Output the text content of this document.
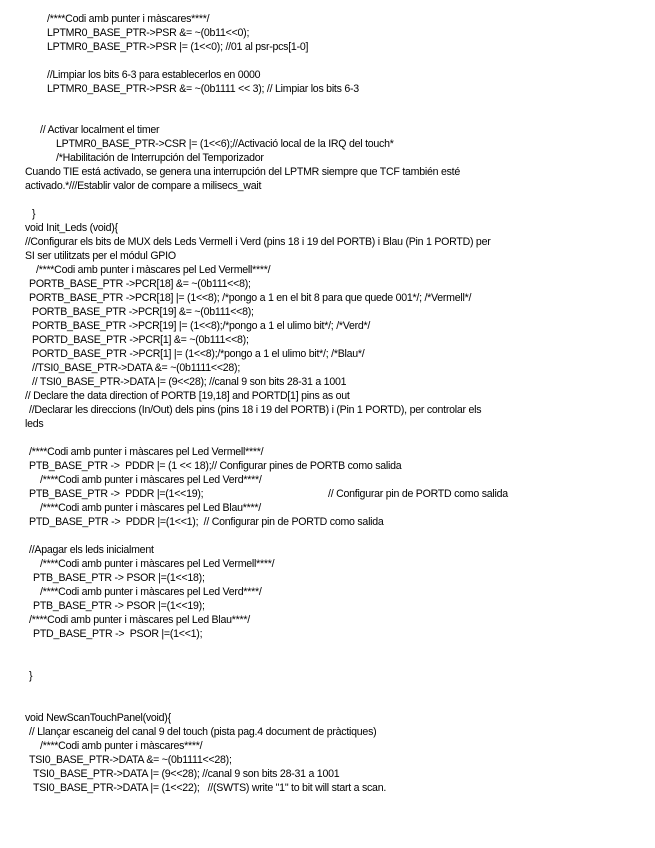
/****Codi amb punter i màscares****/
LPTMR0_BASE_PTR->PSR &= ~(0b11<<0);
LPTMR0_BASE_PTR->PSR |= (1<<0); //01 al psr-pcs[1-0]
//Limpiar los bits 6-3 para establecerlos en 0000
LPTMR0_BASE_PTR->PSR &= ~(0b1111 << 3); // Limpiar los bits 6-3
// Activar localment el timer
LPTMR0_BASE_PTR->CSR |= (1<<6);//Activació local de la IRQ del touch*
/*Habilitación de Interrupción del Temporizador
Cuando TIE está activado, se genera una interrupción del LPTMR siempre que TCF también esté
activado.*///Establir valor de compare a milisecs_wait
}
void Init_Leds (void){
//Configurar els bits de MUX dels Leds Vermell i Verd (pins 18 i 19 del PORTB) i Blau (Pin 1 PORTD) per
SI ser utilitzats per el módul GPIO
/****Codi amb punter i màscares pel Led Vermell****/
PORTB_BASE_PTR ->PCR[18] &= ~(0b111<<8);
PORTB_BASE_PTR ->PCR[18] |= (1<<8); /*pongo a 1 en el bit 8 para que quede 001*/; /*Vermell*/
PORTB_BASE_PTR ->PCR[19] &= ~(0b111<<8);
PORTB_BASE_PTR ->PCR[19] |= (1<<8);/*pongo a 1 el ulimo bit*/; /*Verd*/
PORTD_BASE_PTR ->PCR[1] &= ~(0b111<<8);
PORTD_BASE_PTR ->PCR[1] |= (1<<8);/*pongo a 1 el ulimo bit*/; /*Blau*/
//TSI0_BASE_PTR->DATA &= ~(0b1111<<28);
// TSI0_BASE_PTR->DATA |= (9<<28); //canal 9 son bits 28-31 a 1001
// Declare the data direction of PORTB [19,18] and PORTD[1] pins as out
//Declarar les direccions (In/Out) dels pins (pins 18 i 19 del PORTB) i (Pin 1 PORTD), per controlar els
leds
/****Codi amb punter i màscares pel Led Vermell****/
PTB_BASE_PTR ->  PDDR |= (1 << 18);// Configurar pines de PORTB como salida
/****Codi amb punter i màscares pel Led Verd****/
PTB_BASE_PTR ->  PDDR |=(1<<19);	// Configurar pin de PORTD como salida
/****Codi amb punter i màscares pel Led Blau****/
PTD_BASE_PTR ->  PDDR |=(1<<1);  // Configurar pin de PORTD como salida
//Apagar els leds inicialment
/****Codi amb punter i màscares pel Led Vermell****/
PTB_BASE_PTR -> PSOR |=(1<<18);
/****Codi amb punter i màscares pel Led Verd****/
PTB_BASE_PTR -> PSOR |=(1<<19);
/****Codi amb punter i màscares pel Led Blau****/
PTD_BASE_PTR ->  PSOR |=(1<<1);
}
void NewScanTouchPanel(void){
// Llançar escaneig del canal 9 del touch (pista pag.4 document de pràctiques)
/****Codi amb punter i màscares****/
TSI0_BASE_PTR->DATA &= ~(0b1111<<28);
TSI0_BASE_PTR->DATA |= (9<<28); //canal 9 son bits 28-31 a 1001
TSI0_BASE_PTR->DATA |= (1<<22);   //(SWTS) write "1" to bit will start a scan.
